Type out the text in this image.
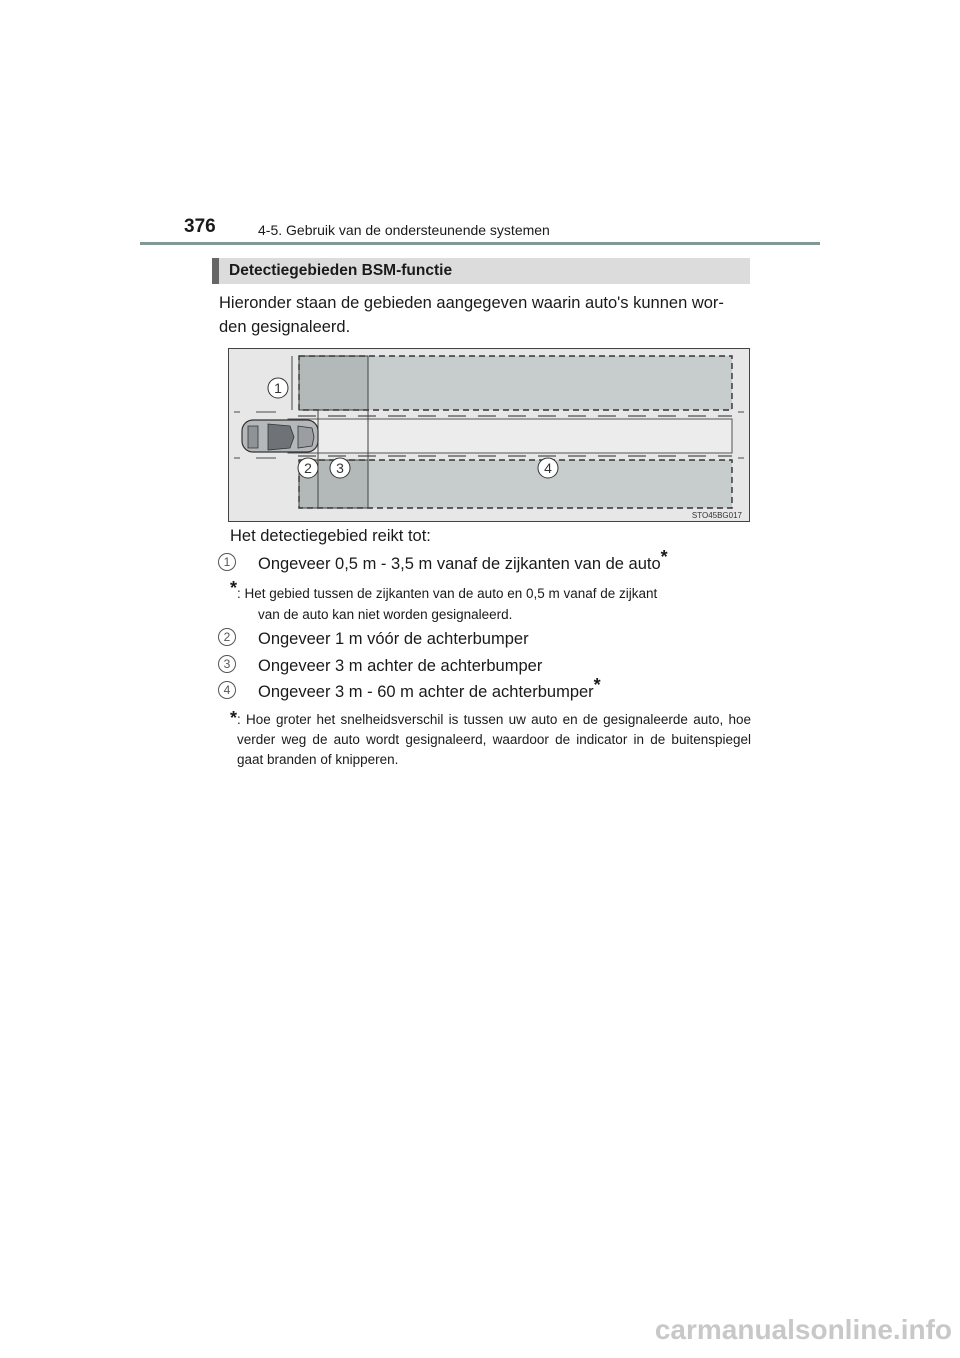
376	4-5. Gebruik van de ondersteunende systemen
Detectiegebieden BSM-functie
Hieronder staan de gebieden aangegeven waarin auto's kunnen wor-
den gesignaleerd.
1
2 3	4
STO45BG017
Het detectiegebied reikt tot:
1	Ongeveer 0,5 m - 3,5 m vanaf de zijkanten van de auto*
*: Het gebied tussen de zijkanten van de auto en 0,5 m vanaf de zijkant
van de auto kan niet worden gesignaleerd.
2	Ongeveer 1 m vóór de achterbumper
3	Ongeveer 3 m achter de achterbumper
4	Ongeveer 3 m - 60 m achter de achterbumper*
* : Hoe groter het snelheidsverschil is tussen uw auto en de gesignaleerde auto, hoe verder weg de auto wordt gesignaleerd, waardoor de indicator in de buitenspiegel gaat branden of knipperen.
carmanualsonline.info
